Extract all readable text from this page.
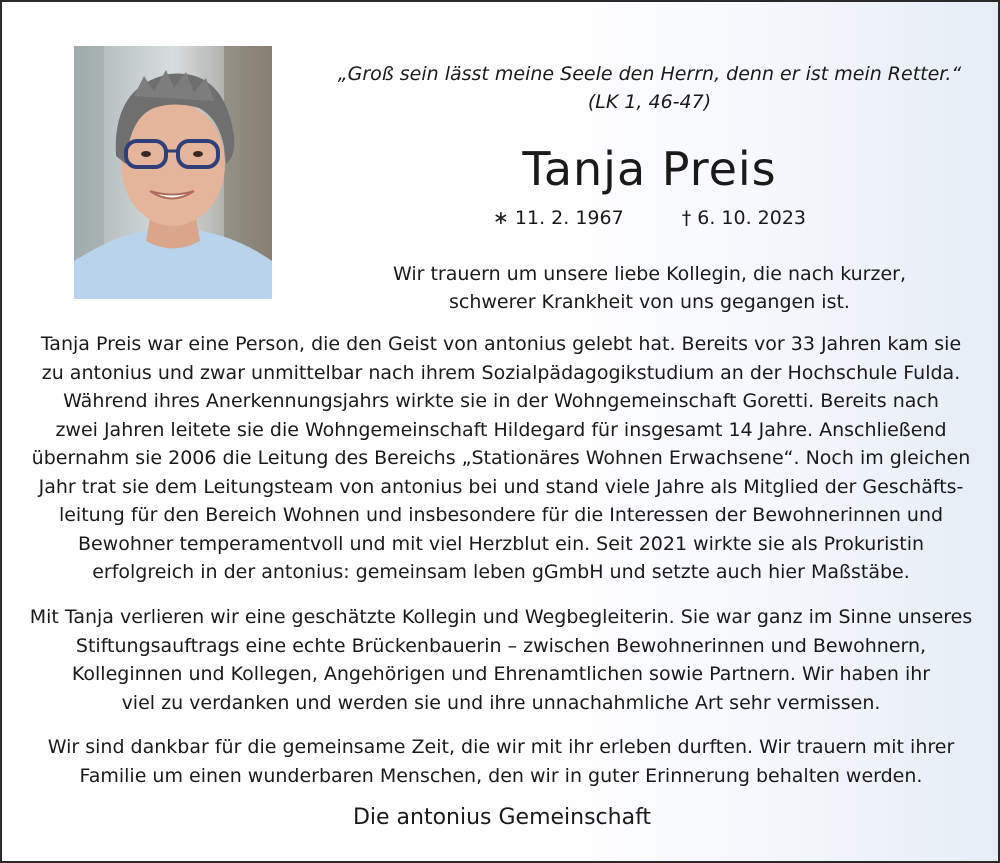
„Groß sein lässt meine Seele den Herrn, denn er ist mein Retter.“
(LK 1, 46-47)
Tanja Preis
∗ 11. 2. 1967	† 6. 10. 2023
Wir trauern um unsere liebe Kollegin, die nach kurzer,
schwerer Krankheit von uns gegangen ist.
Tanja Preis war eine Person, die den Geist von antonius gelebt hat. Bereits vor 33 Jahren kam sie
zu antonius und zwar unmittelbar nach ihrem Sozialpädagogikstudium an der Hochschule Fulda.
Während ihres Anerkennungsjahrs wirkte sie in der Wohngemeinschaft Goretti. Bereits nach
zwei Jahren leitete sie die Wohngemeinschaft Hildegard für insgesamt 14 Jahre. Anschließend
übernahm sie 2006 die Leitung des Bereichs „Stationäres Wohnen Erwachsene“. Noch im gleichen
Jahr trat sie dem Leitungsteam von antonius bei und stand viele Jahre als Mitglied der Geschäfts-
leitung für den Bereich Wohnen und insbesondere für die Interessen der Bewohnerinnen und
Bewohner temperamentvoll und mit viel Herzblut ein. Seit 2021 wirkte sie als Prokuristin
erfolgreich in der antonius: gemeinsam leben gGmbH und setzte auch hier Maßstäbe.
Mit Tanja verlieren wir eine geschätzte Kollegin und Wegbegleiterin. Sie war ganz im Sinne unseres
Stiftungsauftrags eine echte Brückenbauerin – zwischen Bewohnerinnen und Bewohnern,
Kolleginnen und Kollegen, Angehörigen und Ehrenamtlichen sowie Partnern. Wir haben ihr
viel zu verdanken und werden sie und ihre unnachahmliche Art sehr vermissen.
Wir sind dankbar für die gemeinsame Zeit, die wir mit ihr erleben durften. Wir trauern mit ihrer
Familie um einen wunderbaren Menschen, den wir in guter Erinnerung behalten werden.
Die antonius Gemeinschaft
